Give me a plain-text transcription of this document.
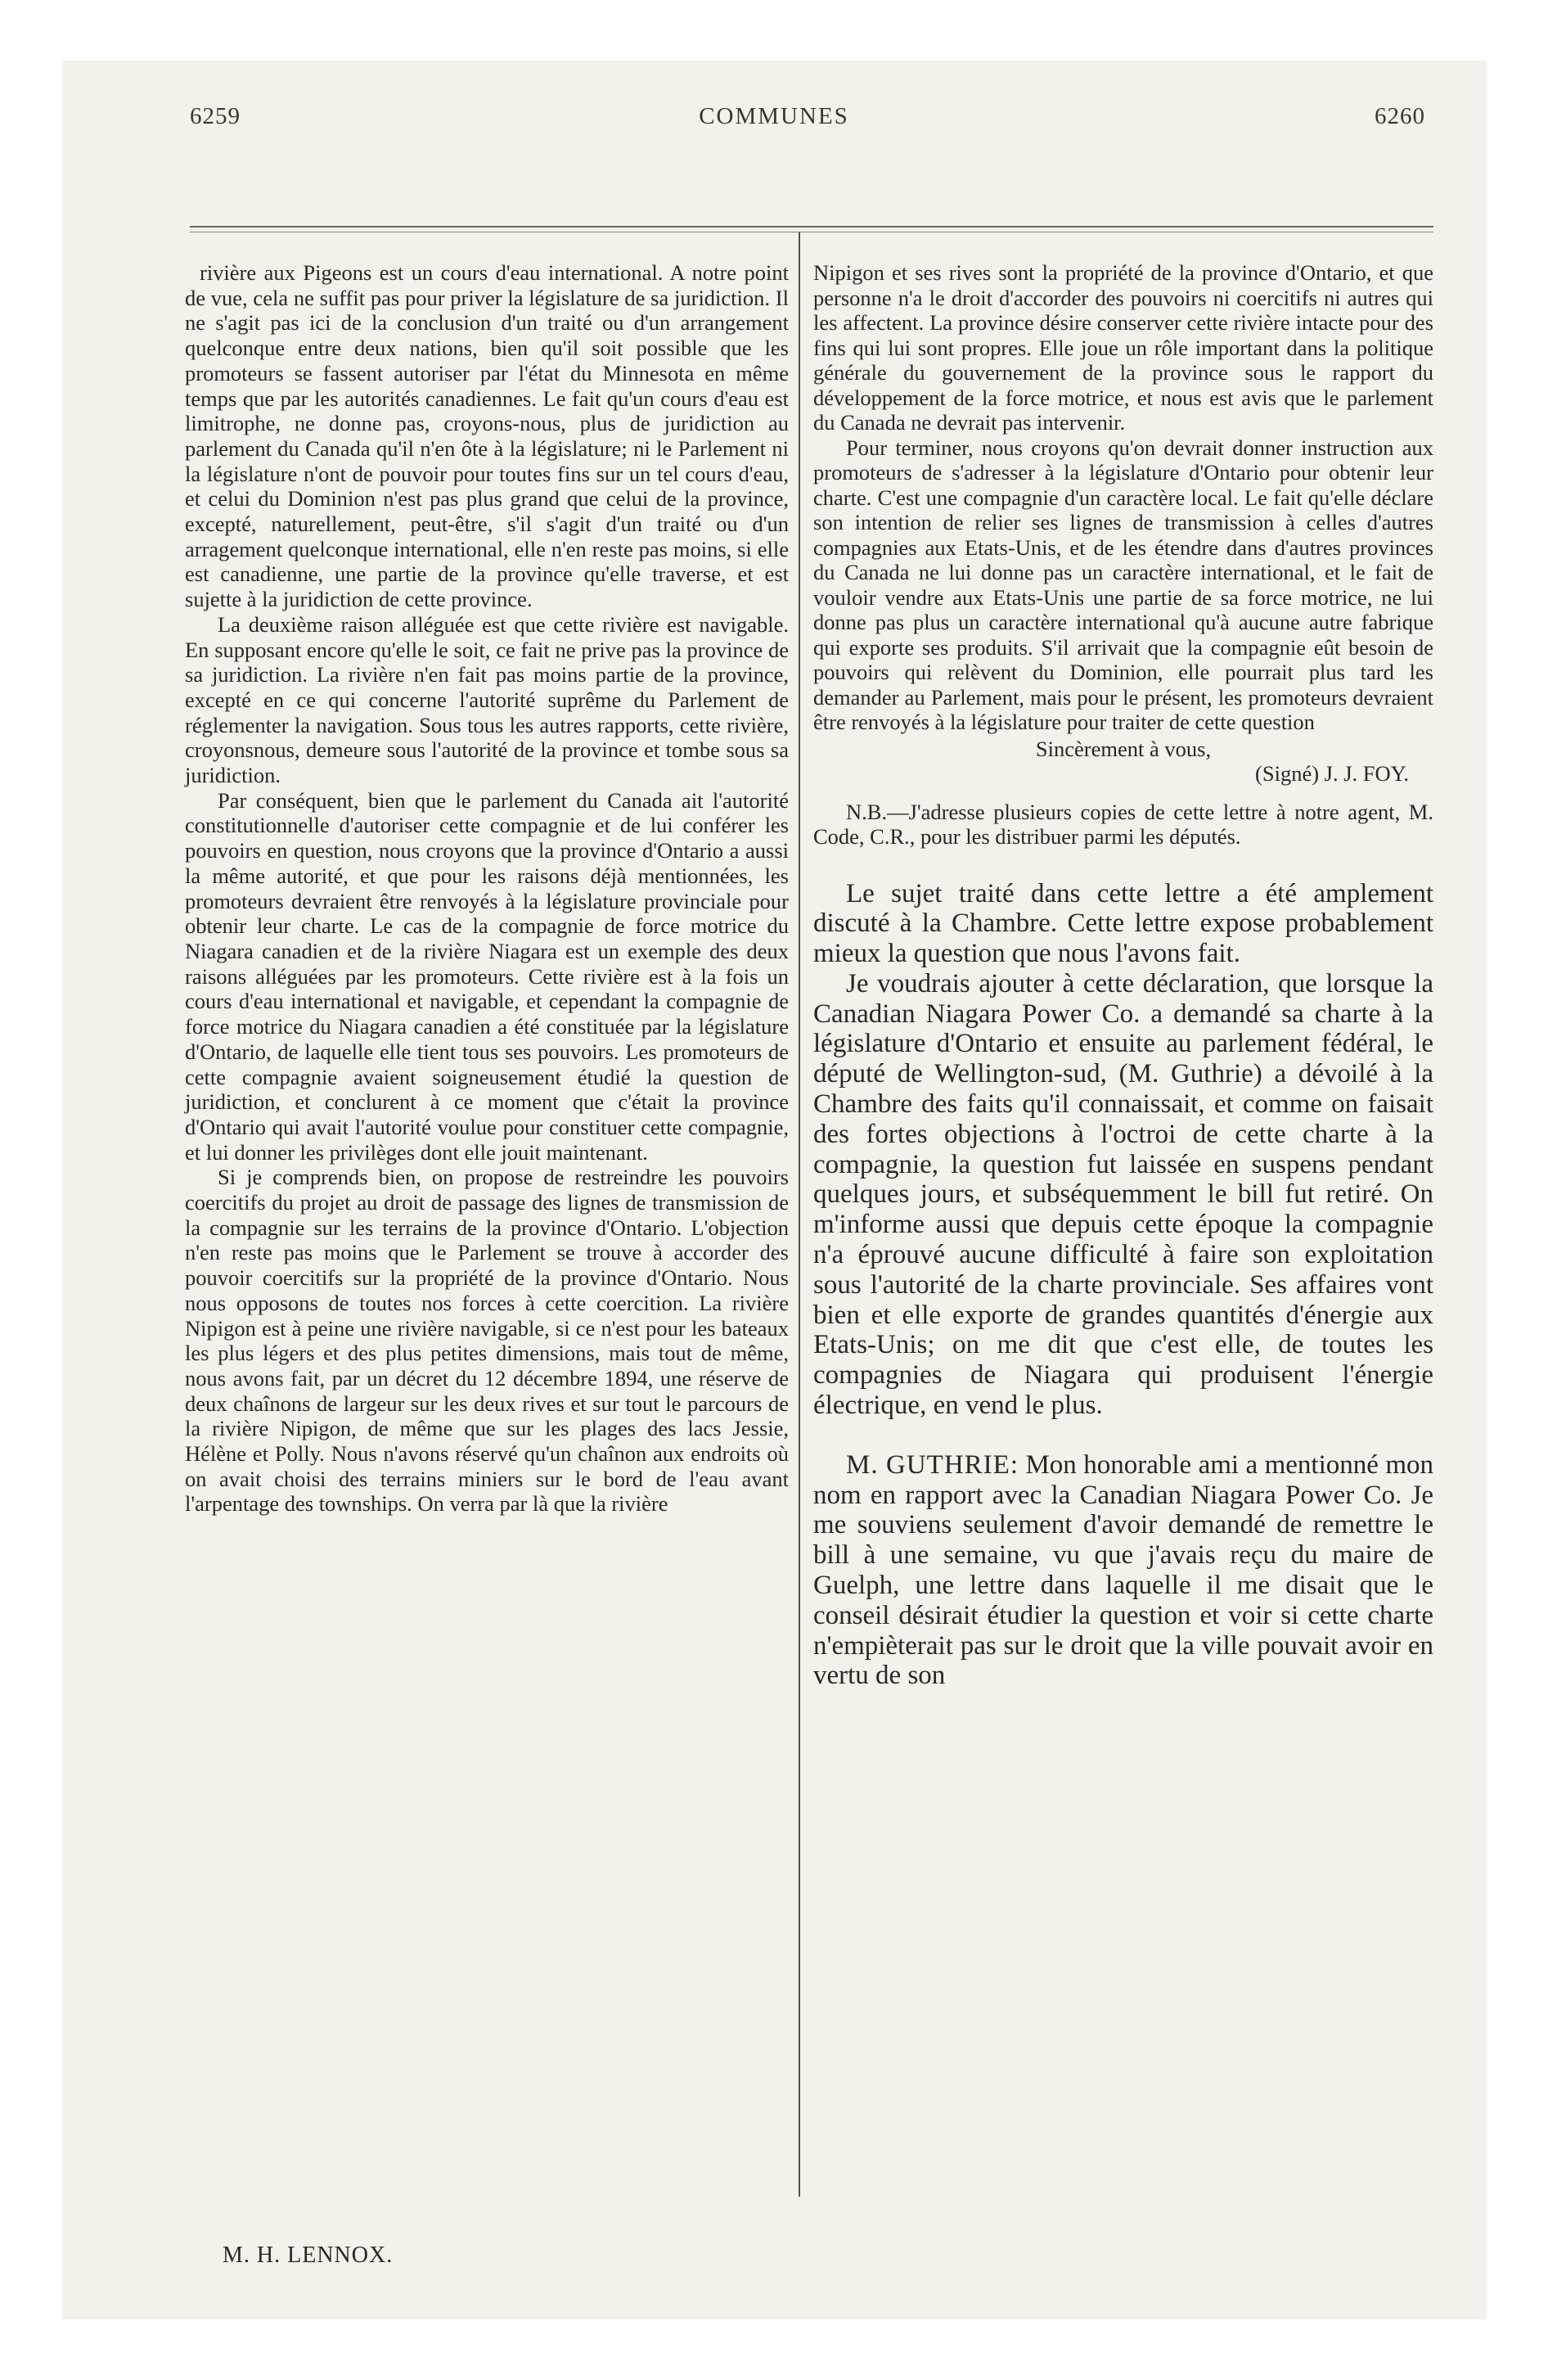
6259	COMMUNES	6260

rivière aux Pigeons est un cours d'eau international. A notre point de vue, cela ne suffit pas pour priver la législature de sa juridiction. Il ne s'agit pas ici de la conclusion d'un traité ou d'un arrangement quelconque entre deux nations, bien qu'il soit possible que les promoteurs se fassent autoriser par l'état du Minnesota en même temps que par les autorités canadiennes. Le fait qu'un cours d'eau est limitrophe, ne donne pas, croyons-nous, plus de juridiction au parlement du Canada qu'il n'en ôte à la législature; ni le Parlement ni la législature n'ont de pouvoir pour toutes fins sur un tel cours d'eau, et celui du Dominion n'est pas plus grand que celui de la province, excepté, naturellement, peut-être, s'il s'agit d'un traité ou d'un arragement quelconque international, elle n'en reste pas moins, si elle est canadienne, une partie de la province qu'elle traverse, et est sujette à la juridiction de cette province.

La deuxième raison alléguée est que cette rivière est navigable. En supposant encore qu'elle le soit, ce fait ne prive pas la province de sa juridiction. La rivière n'en fait pas moins partie de la province, excepté en ce qui concerne l'autorité suprême du Parlement de réglementer la navigation. Sous tous les autres rapports, cette rivière, croyonsnous, demeure sous l'autorité de la province et tombe sous sa juridiction.

Par conséquent, bien que le parlement du Canada ait l'autorité constitutionnelle d'autoriser cette compagnie et de lui conférer les pouvoirs en question, nous croyons que la province d'Ontario a aussi la même autorité, et que pour les raisons déjà mentionnées, les promoteurs devraient être renvoyés à la législature provinciale pour obtenir leur charte. Le cas de la compagnie de force motrice du Niagara canadien et de la rivière Niagara est un exemple des deux raisons alléguées par les promoteurs. Cette rivière est à la fois un cours d'eau international et navigable, et cependant la compagnie de force motrice du Niagara canadien a été constituée par la législature d'Ontario, de laquelle elle tient tous ses pouvoirs. Les promoteurs de cette compagnie avaient soigneusement étudié la question de juridiction, et conclurent à ce moment que c'était la province d'Ontario qui avait l'autorité voulue pour constituer cette compagnie, et lui donner les privilèges dont elle jouit maintenant.

Si je comprends bien, on propose de restreindre les pouvoirs coercitifs du projet au droit de passage des lignes de transmission de la compagnie sur les terrains de la province d'Ontario. L'objection n'en reste pas moins que le Parlement se trouve à accorder des pouvoir coercitifs sur la propriété de la province d'Ontario. Nous nous opposons de toutes nos forces à cette coercition. La rivière Nipigon est à peine une rivière navigable, si ce n'est pour les bateaux les plus légers et des plus petites dimensions, mais tout de même, nous avons fait, par un décret du 12 décembre 1894, une réserve de deux chaînons de largeur sur les deux rives et sur tout le parcours de la rivière Nipigon, de même que sur les plages des lacs Jessie, Hélène et Polly. Nous n'avons réservé qu'un chaînon aux endroits où on avait choisi des terrains miniers sur le bord de l'eau avant l'arpentage des townships. On verra par là que la rivière

M. H. LENNOX.

Nipigon et ses rives sont la propriété de la province d'Ontario, et que personne n'a le droit d'accorder des pouvoirs ni coercitifs ni autres qui les affectent. La province désire conserver cette rivière intacte pour des fins qui lui sont propres. Elle joue un rôle important dans la politique générale du gouvernement de la province sous le rapport du développement de la force motrice, et nous est avis que le parlement du Canada ne devrait pas intervenir.

Pour terminer, nous croyons qu'on devrait donner instruction aux promoteurs de s'adresser à la législature d'Ontario pour obtenir leur charte. C'est une compagnie d'un caractère local. Le fait qu'elle déclare son intention de relier ses lignes de transmission à celles d'autres compagnies aux Etats-Unis, et de les étendre dans d'autres provinces du Canada ne lui donne pas un caractère international, et le fait de vouloir vendre aux Etats-Unis une partie de sa force motrice, ne lui donne pas plus un caractère international qu'à aucune autre fabrique qui exporte ses produits. S'il arrivait que la compagnie eût besoin de pouvoirs qui relèvent du Dominion, elle pourrait plus tard les demander au Parlement, mais pour le présent, les promoteurs devraient être renvoyés à la législature pour traiter de cette question

Sincèrement à vous,

(Signé) J. J. FOY.

N.B.—J'adresse plusieurs copies de cette lettre à notre agent, M. Code, C.R., pour les distribuer parmi les députés.

Le sujet traité dans cette lettre a été amplement discuté à la Chambre. Cette lettre expose probablement mieux la question que nous l'avons fait.

Je voudrais ajouter à cette déclaration, que lorsque la Canadian Niagara Power Co. a demandé sa charte à la législature d'Ontario et ensuite au parlement fédéral, le député de Wellington-sud, (M. Guthrie) a dévoilé à la Chambre des faits qu'il connaissait, et comme on faisait des fortes objections à l'octroi de cette charte à la compagnie, la question fut laissée en suspens pendant quelques jours, et subséquemment le bill fut retiré. On m'informe aussi que depuis cette époque la compagnie n'a éprouvé aucune difficulté à faire son exploitation sous l'autorité de la charte provinciale. Ses affaires vont bien et elle exporte de grandes quantités d'énergie aux Etats-Unis; on me dit que c'est elle, de toutes les compagnies de Niagara qui produisent l'énergie électrique, en vend le plus.

M. GUTHRIE: Mon honorable ami a mentionné mon nom en rapport avec la Canadian Niagara Power Co. Je me souviens seulement d'avoir demandé de remettre le bill à une semaine, vu que j'avais reçu du maire de Guelph, une lettre dans laquelle il me disait que le conseil désirait étudier la question et voir si cette charte n'empièterait pas sur le droit que la ville pouvait avoir en vertu de son
